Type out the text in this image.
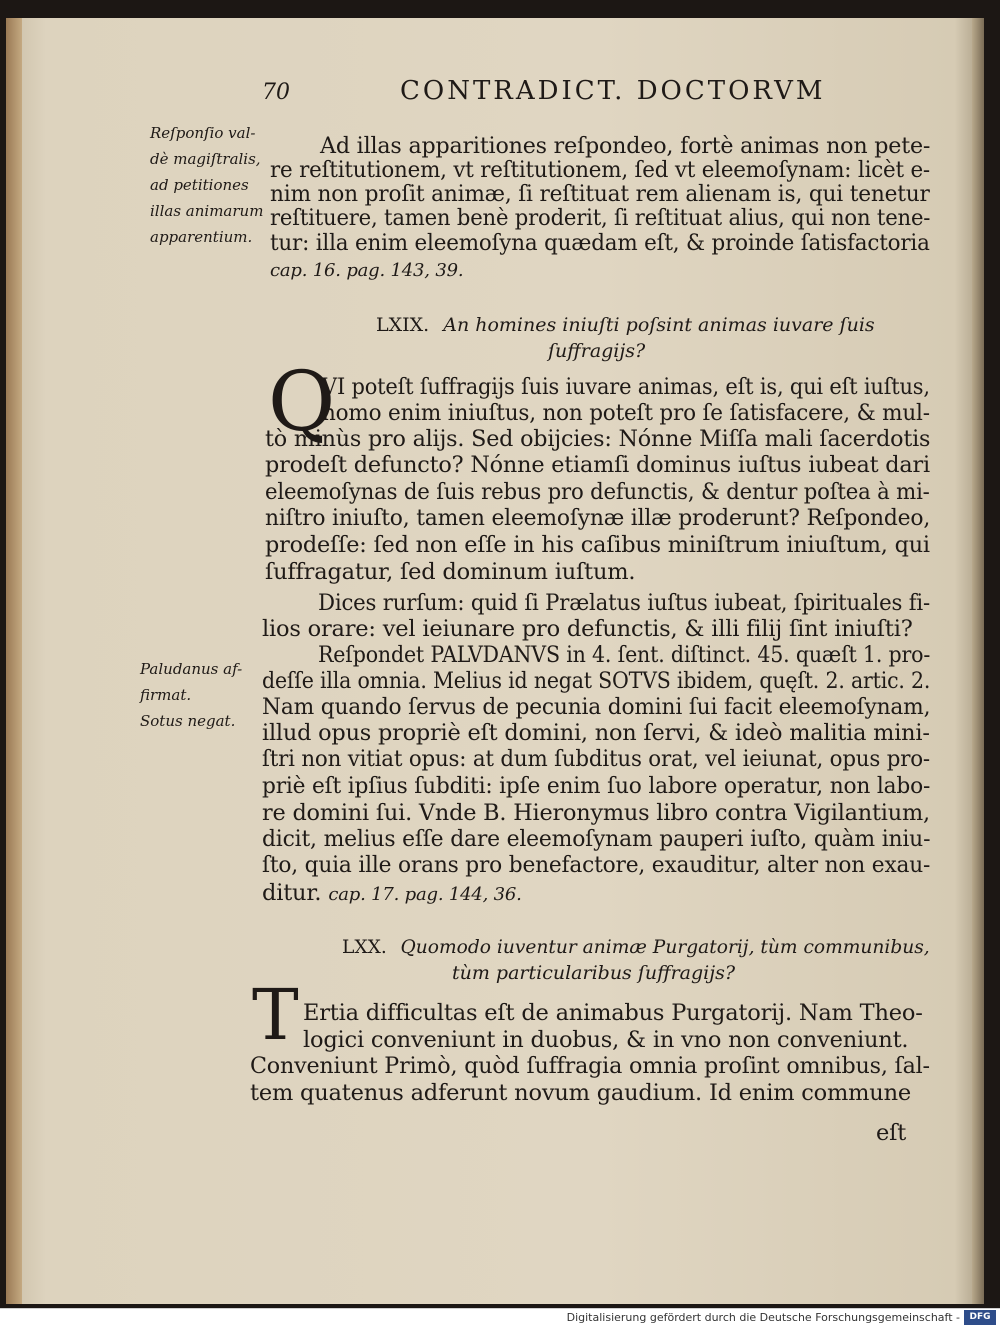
70	CONTRADICT. DOCTORVM
Reſponſio val-
dè magiſtralis,
ad petitiones
illas animarum
apparentium.
Paludanus af-
firmat.
Sotus negat.
Ad illas apparitiones reſpondeo, fortè animas non pete-
re reſtitutionem, vt reſtitutionem, ſed vt eleemoſynam: licèt e-
nim non proſit animæ, ſi reſtituat rem alienam is, qui tenetur
reſtituere, tamen benè proderit, ſi reſtituat alius, qui non tene-
tur: illa enim eleemoſyna quædam eſt, & proinde ſatisfactoria
cap. 16. pag. 143, 39.
LXIX. An homines iniuſti poſsint animas iuvare ſuis
ſuffragijs?
Q
VI poteſt ſuffragijs ſuis iuvare animas, eſt is, qui eſt iuſtus,
homo enim iniuſtus, non poteſt pro ſe ſatisfacere, & mul-
tò minùs pro alijs. Sed obijcies: Nónne Miſſa mali ſacerdotis
prodeſt defuncto? Nónne etiamſi dominus iuſtus iubeat dari
eleemoſynas de ſuis rebus pro defunctis, & dentur poſtea à mi-
niſtro iniuſto, tamen eleemoſynæ illæ proderunt? Reſpondeo,
prodeſſe: ſed non eſſe in his caſibus miniſtrum iniuſtum, qui
ſuffragatur, ſed dominum iuſtum.
Dices rurſum: quid ſi Prælatus iuſtus iubeat, ſpirituales fi-
lios orare: vel ieiunare pro defunctis, & illi filij ſint iniuſti?
Reſpondet PALVDANVS in 4. ſent. diſtinct. 45. quæſt 1. pro-
deſſe illa omnia. Melius id negat SOTVS ibidem, quęſt. 2. artic. 2.
Nam quando ſervus de pecunia domini ſui facit eleemoſynam,
illud opus propriè eſt domini, non ſervi, & ideò malitia mini-
ſtri non vitiat opus: at dum ſubditus orat, vel ieiunat, opus pro-
priè eſt ipſius ſubditi: ipſe enim ſuo labore operatur, non labo-
re domini ſui. Vnde B. Hieronymus libro contra Vigilantium,
dicit, melius eſſe dare eleemoſynam pauperi iuſto, quàm iniu-
ſto, quia ille orans pro benefactore, exauditur, alter non exau-
ditur. cap. 17. pag. 144, 36.
LXX. Quomodo iuventur animæ Purgatorij, tùm communibus,
tùm particularibus ſuffragijs?
T Ertia difficultas eſt de animabus Purgatorij. Nam Theo-
logici conveniunt in duobus, & in vno non conveniunt.
Conveniunt Primò, quòd ſuffragia omnia proſint omnibus, ſal-
tem quatenus adferunt novum gaudium. Id enim commune
eſt
Digitalisierung gefördert durch die Deutsche Forschungsgemeinschaft -	DFG
